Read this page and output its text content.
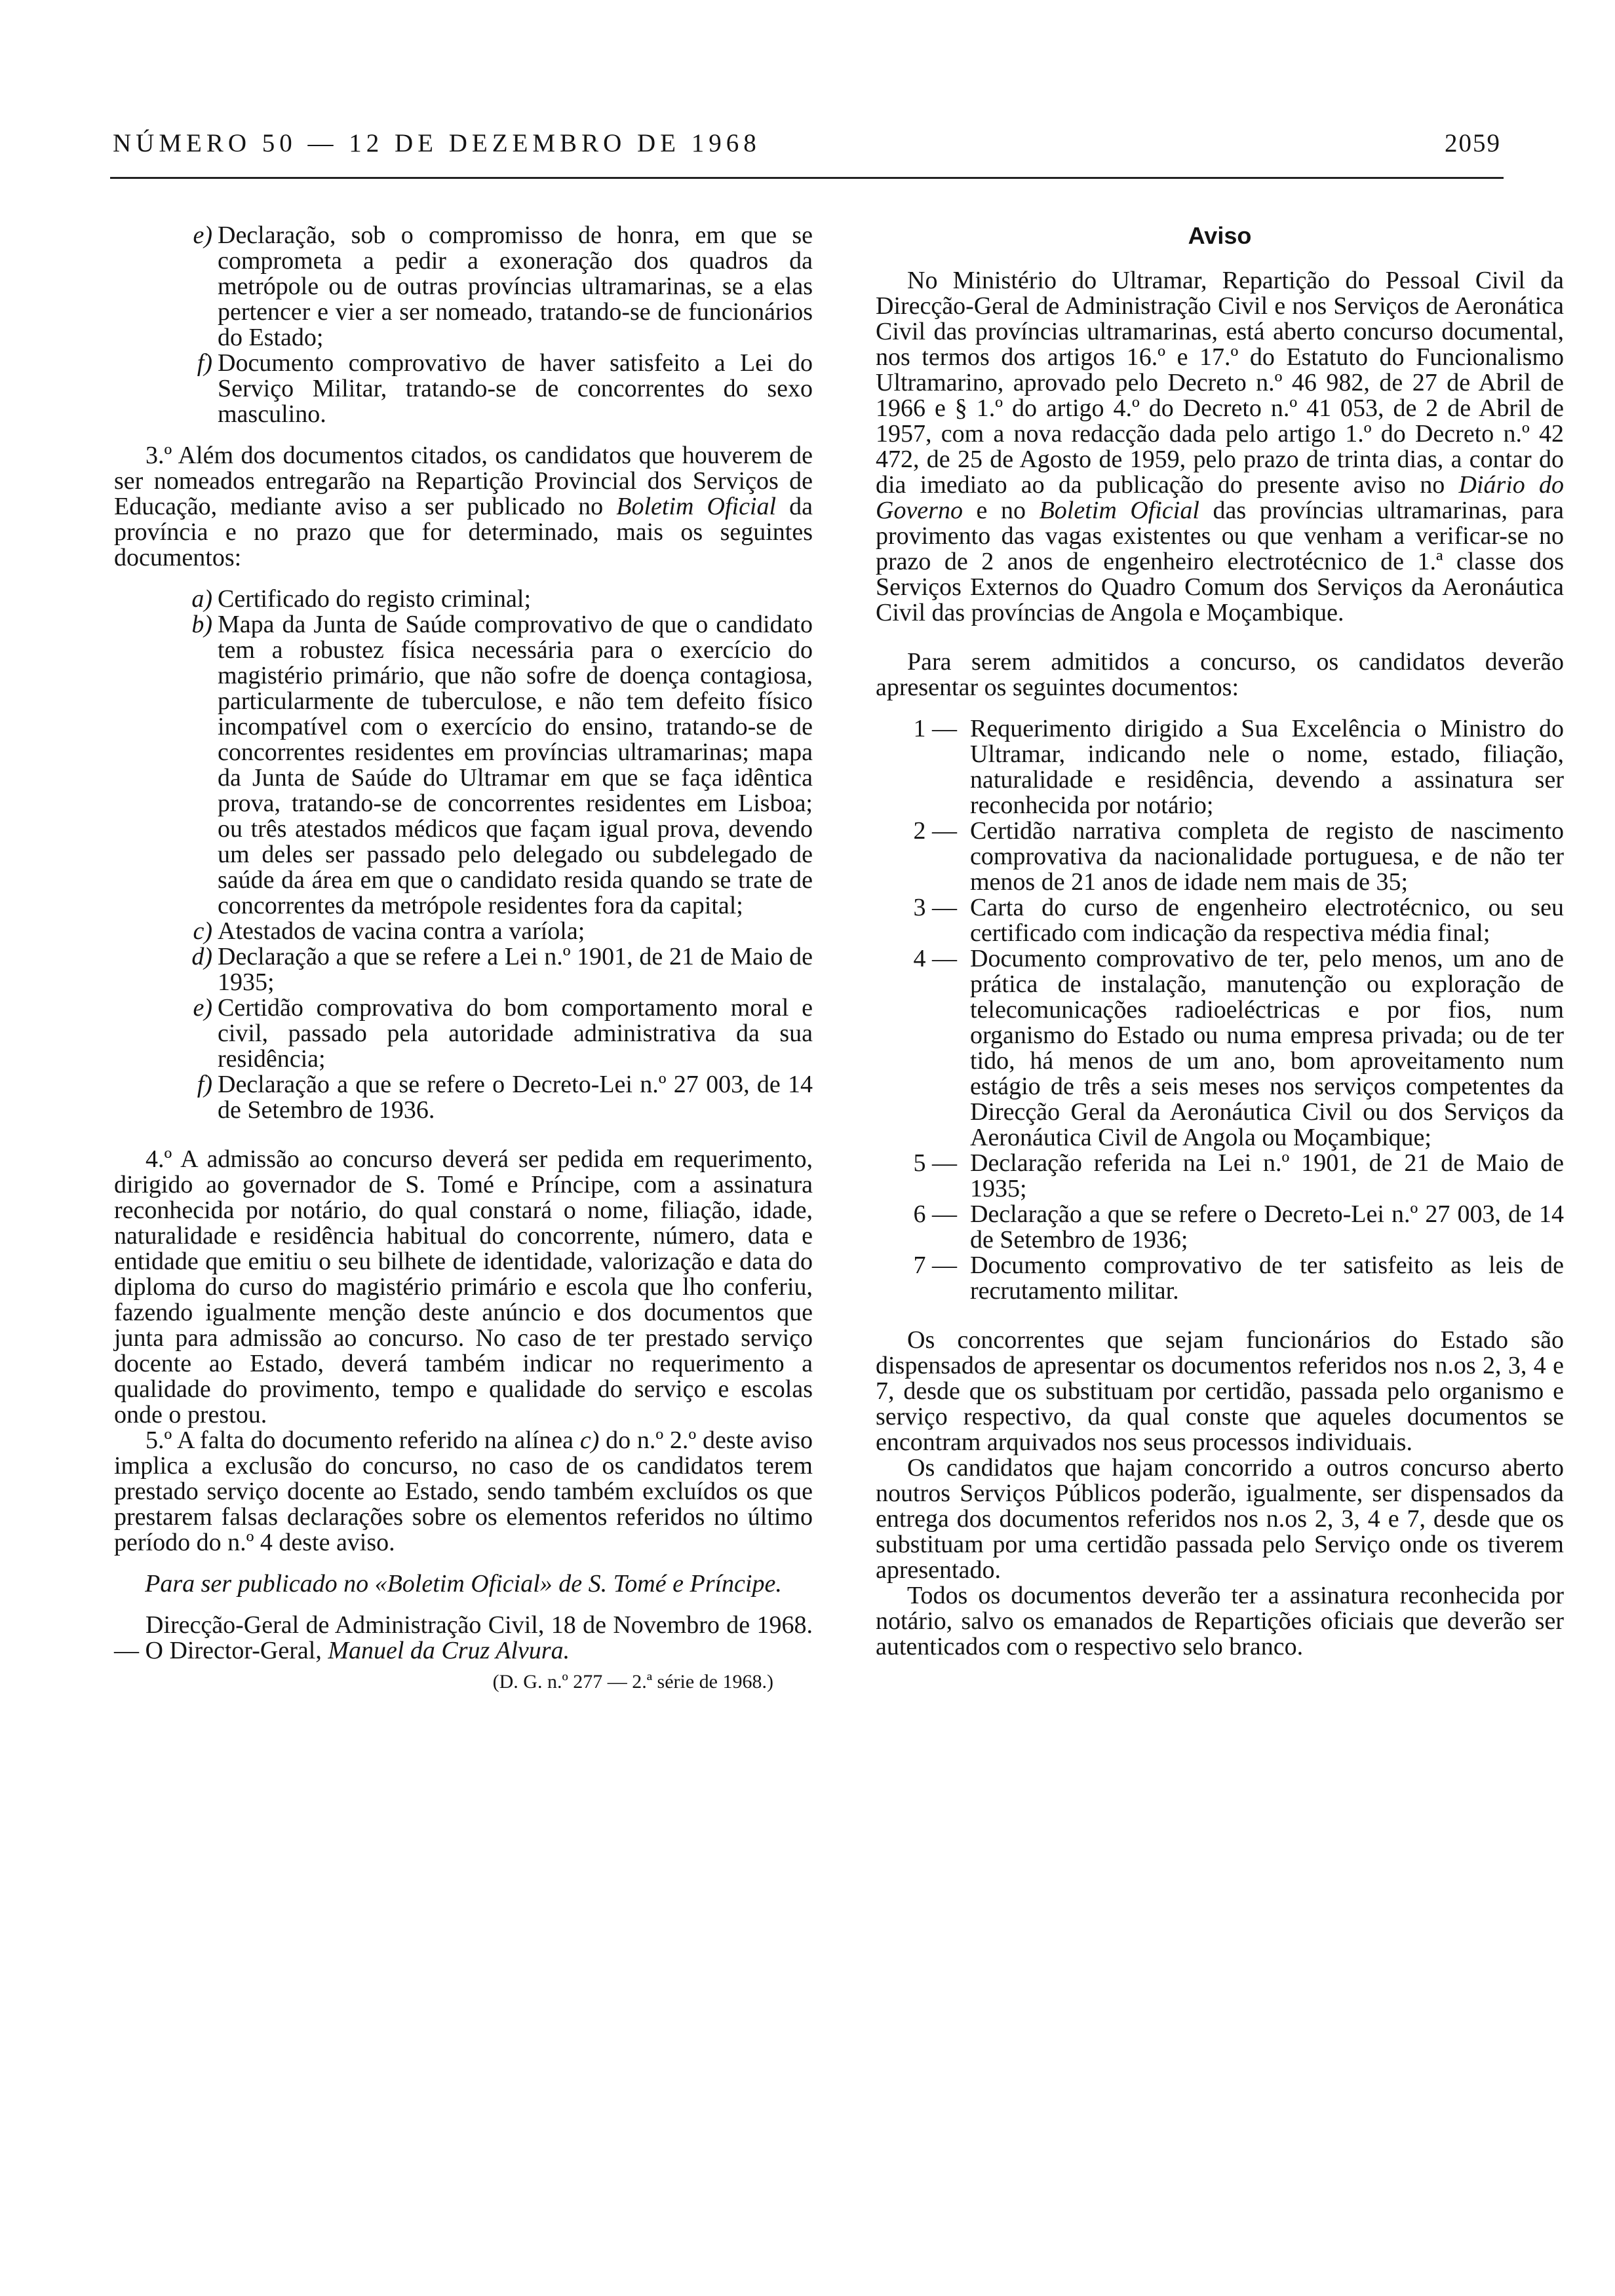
NÚMERO 50 — 12 DE DEZEMBRO DE 1968	2059
e) Declaração, sob o compromisso de honra, em que se comprometa a pedir a exoneração dos quadros da metrópole ou de outras províncias ultramarinas, se a elas pertencer e vier a ser nomeado, tratando-se de funcionários do Estado;
f) Documento comprovativo de haver satisfeito a Lei do Serviço Militar, tratando-se de concorrentes do sexo masculino.

3.º Além dos documentos citados, os candidatos que houverem de ser nomeados entregarão na Repartição Provincial dos Serviços de Educação, mediante aviso a ser publicado no Boletim Oficial da província e no prazo que for determinado, mais os seguintes documentos:

a) Certificado do registo criminal;
b) Mapa da Junta de Saúde comprovativo de que o candidato tem a robustez física necessária para o exercício do magistério primário, que não sofre de doença contagiosa, particularmente de tuberculose, e não tem defeito físico incompatível com o exercício do ensino, tratando-se de concorrentes residentes em províncias ultramarinas; mapa da Junta de Saúde do Ultramar em que se faça idêntica prova, tratando-se de concorrentes residentes em Lisboa; ou três atestados médicos que façam igual prova, devendo um deles ser passado pelo delegado ou subdelegado de saúde da área em que o candidato resida quando se trate de concorrentes da metrópole residentes fora da capital;
c) Atestados de vacina contra a varíola;
d) Declaração a que se refere a Lei n.º 1901, de 21 de Maio de 1935;
e) Certidão comprovativa do bom comportamento moral e civil, passado pela autoridade administrativa da sua residência;
f) Declaração a que se refere o Decreto-Lei n.º 27 003, de 14 de Setembro de 1936.

4.º A admissão ao concurso deverá ser pedida em requerimento, dirigido ao governador de S. Tomé e Príncipe, com a assinatura reconhecida por notário, do qual constará o nome, filiação, idade, naturalidade e residência habitual do concorrente, número, data e entidade que emitiu o seu bilhete de identidade, valorização e data do diploma do curso do magistério primário e escola que lho conferiu, fazendo igualmente menção deste anúncio e dos documentos que junta para admissão ao concurso. No caso de ter prestado serviço docente ao Estado, deverá também indicar no requerimento a qualidade do provimento, tempo e qualidade do serviço e escolas onde o prestou.

5.º A falta do documento referido na alínea c) do n.º 2.º deste aviso implica a exclusão do concurso, no caso de os candidatos terem prestado serviço docente ao Estado, sendo também excluídos os que prestarem falsas declarações sobre os elementos referidos no último período do n.º 4 deste aviso.

Para ser publicado no «Boletim Oficial» de S. Tomé e Príncipe.

Direcção-Geral de Administração Civil, 18 de Novembro de 1968. — O Director-Geral, Manuel da Cruz Alvura.

(D. G. n.º 277 — 2.ª série de 1968.)

Aviso

No Ministério do Ultramar, Repartição do Pessoal Civil da Direcção-Geral de Administração Civil e nos Serviços de Aeronática Civil das províncias ultramarinas, está aberto concurso documental, nos termos dos artigos 16.º e 17.º do Estatuto do Funcionalismo Ultramarino, aprovado pelo Decreto n.º 46 982, de 27 de Abril de 1966 e § 1.º do artigo 4.º do Decreto n.º 41 053, de 2 de Abril de 1957, com a nova redacção dada pelo artigo 1.º do Decreto n.º 42 472, de 25 de Agosto de 1959, pelo prazo de trinta dias, a contar do dia imediato ao da publicação do presente aviso no Diário do Governo e no Boletim Oficial das províncias ultramarinas, para provimento das vagas existentes ou que venham a verificar-se no prazo de 2 anos de engenheiro electrotécnico de 1.ª classe dos Serviços Externos do Quadro Comum dos Serviços da Aeronáutica Civil das províncias de Angola e Moçambique.

Para serem admitidos a concurso, os candidatos deverão apresentar os seguintes documentos:

1 — Requerimento dirigido a Sua Excelência o Ministro do Ultramar, indicando nele o nome, estado, filiação, naturalidade e residência, devendo a assinatura ser reconhecida por notário;
2 — Certidão narrativa completa de registo de nascimento comprovativa da nacionalidade portuguesa, e de não ter menos de 21 anos de idade nem mais de 35;
3 — Carta do curso de engenheiro electrotécnico, ou seu certificado com indicação da respectiva média final;
4 — Documento comprovativo de ter, pelo menos, um ano de prática de instalação, manutenção ou exploração de telecomunicações radioeléctricas e por fios, num organismo do Estado ou numa empresa privada; ou de ter tido, há menos de um ano, bom aproveitamento num estágio de três a seis meses nos serviços competentes da Direcção Geral da Aeronáutica Civil ou dos Serviços da Aeronáutica Civil de Angola ou Moçambique;
5 — Declaração referida na Lei n.º 1901, de 21 de Maio de 1935;
6 — Declaração a que se refere o Decreto-Lei n.º 27 003, de 14 de Setembro de 1936;
7 — Documento comprovativo de ter satisfeito as leis de recrutamento militar.

Os concorrentes que sejam funcionários do Estado são dispensados de apresentar os documentos referidos nos n.os 2, 3, 4 e 7, desde que os substituam por certidão, passada pelo organismo e serviço respectivo, da qual conste que aqueles documentos se encontram arquivados nos seus processos individuais.

Os candidatos que hajam concorrido a outros concurso aberto noutros Serviços Públicos poderão, igualmente, ser dispensados da entrega dos documentos referidos nos n.os 2, 3, 4 e 7, desde que os substituam por uma certidão passada pelo Serviço onde os tiverem apresentado.

Todos os documentos deverão ter a assinatura reconhecida por notário, salvo os emanados de Repartições oficiais que deverão ser autenticados com o respectivo selo branco.
